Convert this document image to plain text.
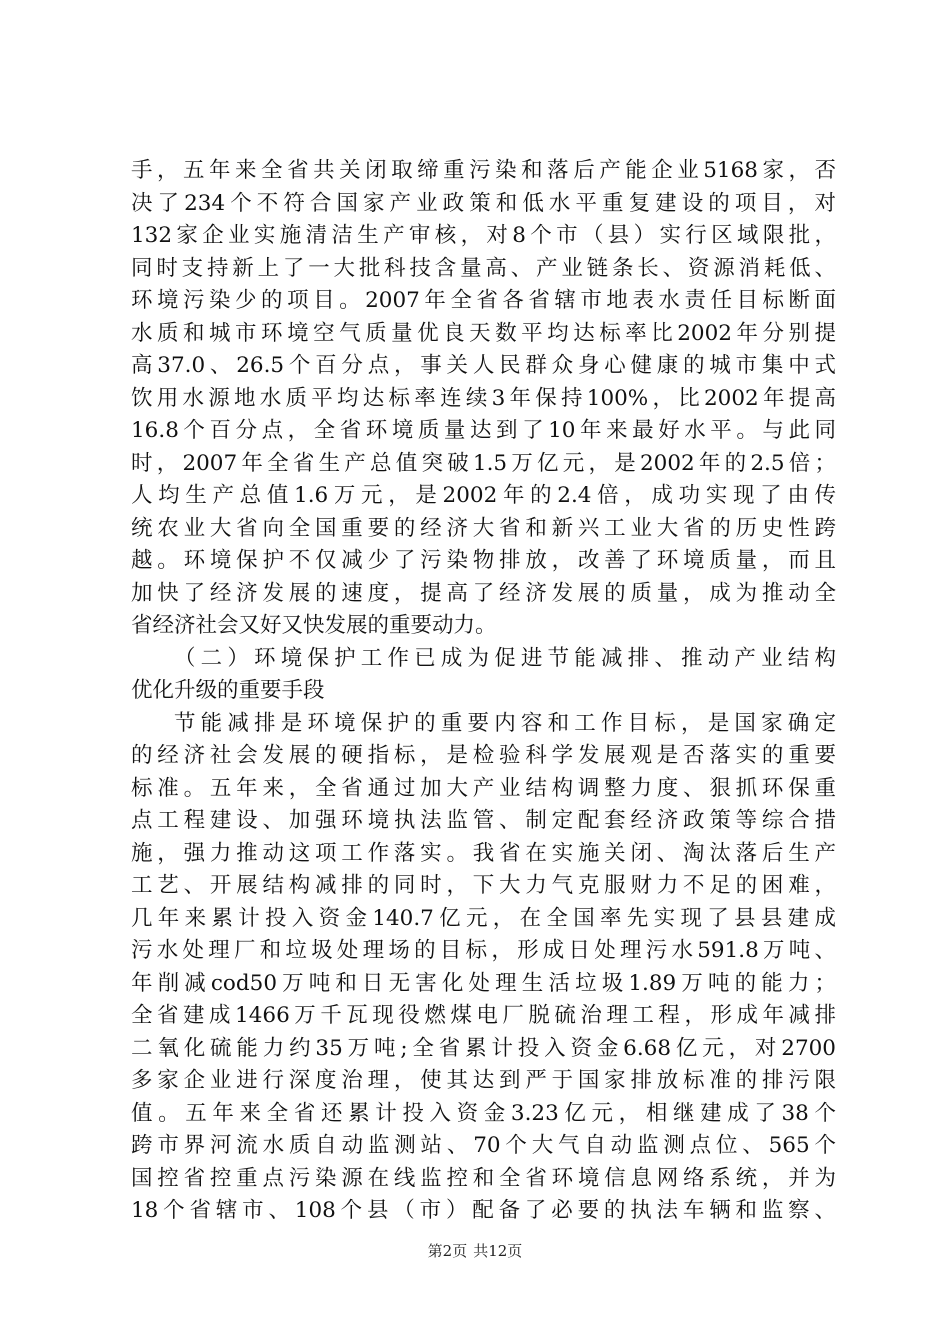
手，五年来全省共关闭取缔重污染和落后产能企业5168家，否
决了234个不符合国家产业政策和低水平重复建设的项目，对
132家企业实施清洁生产审核，对8个市（县）实行区域限批，
同时支持新上了一大批科技含量高、产业链条长、资源消耗低、
环境污染少的项目。2007年全省各省辖市地表水责任目标断面
水质和城市环境空气质量优良天数平均达标率比2002年分别提
高37.0、26.5个百分点，事关人民群众身心健康的城市集中式
饮用水源地水质平均达标率连续3年保持100%，比2002年提高
16.8个百分点，全省环境质量达到了10年来最好水平。与此同
时，2007年全省生产总值突破1.5万亿元，是2002年的2.5倍；
人均生产总值1.6万元，是2002年的2.4倍，成功实现了由传
统农业大省向全国重要的经济大省和新兴工业大省的历史性跨
越。环境保护不仅减少了污染物排放，改善了环境质量，而且
加快了经济发展的速度，提高了经济发展的质量，成为推动全
省经济社会又好又快发展的重要动力。
（二）环境保护工作已成为促进节能减排、推动产业结构
优化升级的重要手段
节能减排是环境保护的重要内容和工作目标，是国家确定
的经济社会发展的硬指标，是检验科学发展观是否落实的重要
标准。五年来，全省通过加大产业结构调整力度、狠抓环保重
点工程建设、加强环境执法监管、制定配套经济政策等综合措
施，强力推动这项工作落实。我省在实施关闭、淘汰落后生产
工艺、开展结构减排的同时，下大力气克服财力不足的困难，
几年来累计投入资金140.7亿元，在全国率先实现了县县建成
污水处理厂和垃圾处理场的目标，形成日处理污水591.8万吨、
年削减cod50万吨和日无害化处理生活垃圾1.89万吨的能力；
全省建成1466万千瓦现役燃煤电厂脱硫治理工程，形成年减排
二氧化硫能力约35万吨;全省累计投入资金6.68亿元，对2700
多家企业进行深度治理，使其达到严于国家排放标准的排污限
值。五年来全省还累计投入资金3.23亿元，相继建成了38个
跨市界河流水质自动监测站、70个大气自动监测点位、565个
国控省控重点污染源在线监控和全省环境信息网络系统，并为
18个省辖市、108个县（市）配备了必要的执法车辆和监察、
第2页 共12页
